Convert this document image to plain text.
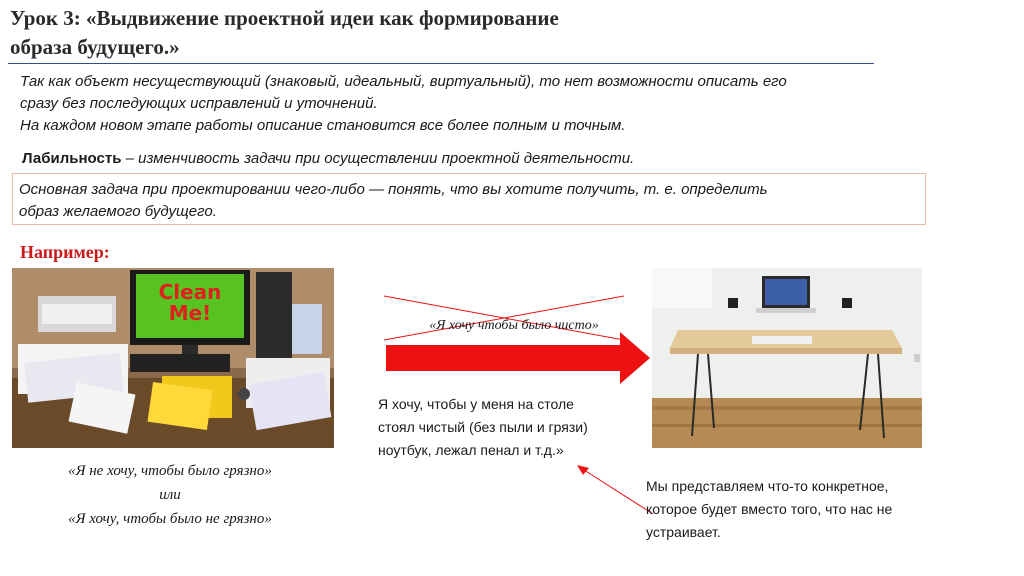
Урок 3: «Выдвижение проектной идеи как формирование
образа будущего.»
Так как объект несуществующий (знаковый, идеальный, виртуальный), то нет возможности описать его
сразу без последующих исправлений и уточнений.
На каждом новом этапе работы описание становится все более полным и точным.
Лабильность – изменчивость задачи при осуществлении проектной деятельности.
Основная задача при проектировании чего-либо — понять, что вы хотите получить, т. е. определить
образ желаемого будущего.
Например:
Clean
Me!
«Я не хочу, чтобы было грязно»
или
«Я хочу, чтобы было не грязно»
«Я хочу чтобы было чисто»
Я хочу, чтобы у меня на столе
стоял чистый (без пыли и грязи)
ноутбук, лежал пенал и т.д.»
Мы представляем что-то конкретное,
которое будет вместо того, что нас не
устраивает.
